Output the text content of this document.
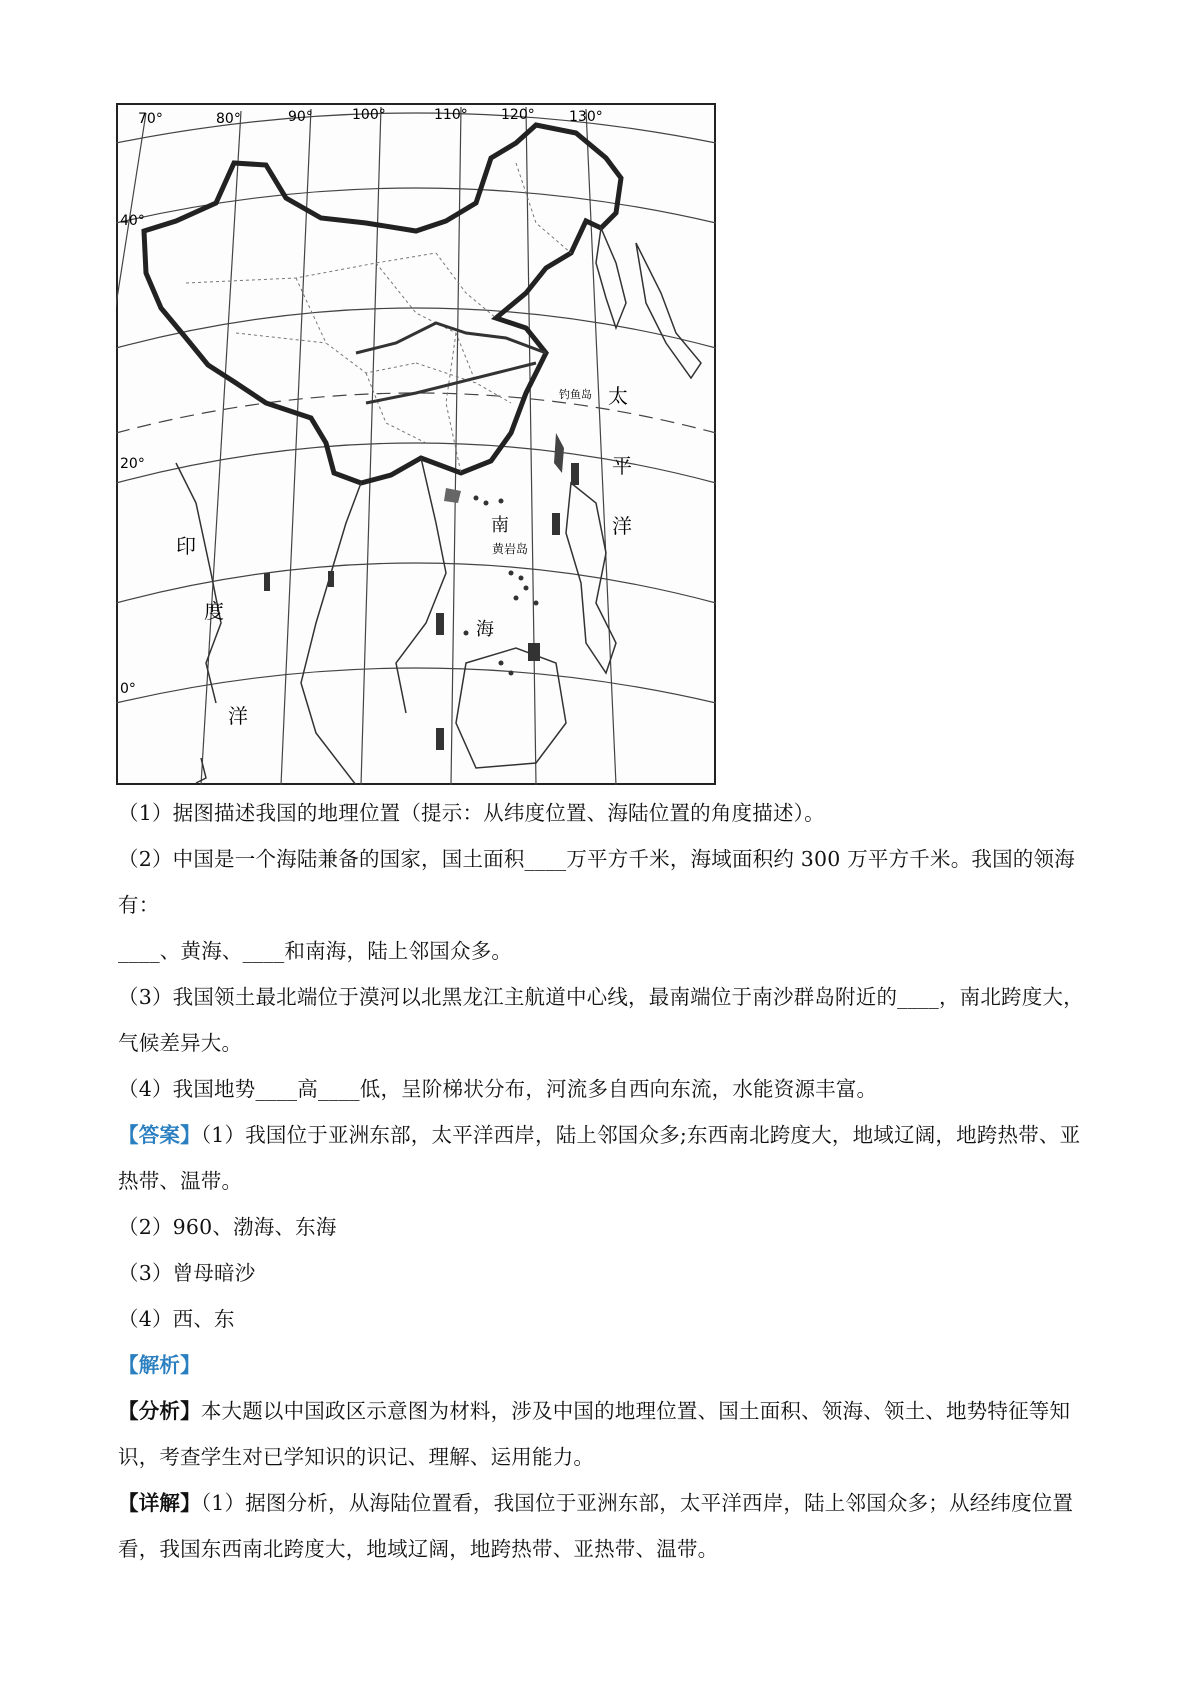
70°	80°	90°	100°	110° 120° 130°
40°
20°
0°
太
平
洋
南
海
黄岩岛
钓鱼岛
印
度
洋

（1）据图描述我国的地理位置（提示：从纬度位置、海陆位置的角度描述）。

（2）中国是一个海陆兼备的国家，国土面积____万平方千米，海域面积约 300 万平方千米。我国的领海有：

____、黄海、____和南海，陆上邻国众多。

（3）我国领土最北端位于漠河以北黑龙江主航道中心线，最南端位于南沙群岛附近的____，南北跨度大，

气候差异大。

（4）我国地势____高____低，呈阶梯状分布，河流多自西向东流，水能资源丰富。

【答案】（1）我国位于亚洲东部，太平洋西岸，陆上邻国众多;东西南北跨度大，地域辽阔，地跨热带、亚

热带、温带。

（2）960、渤海、东海

（3）曾母暗沙

（4）西、东

【解析】

【分析】本大题以中国政区示意图为材料，涉及中国的地理位置、国土面积、领海、领土、地势特征等知

识，考查学生对已学知识的识记、理解、运用能力。

【详解】（1）据图分析，从海陆位置看，我国位于亚洲东部，太平洋西岸，陆上邻国众多；从经纬度位置

看，我国东西南北跨度大，地域辽阔，地跨热带、亚热带、温带。
